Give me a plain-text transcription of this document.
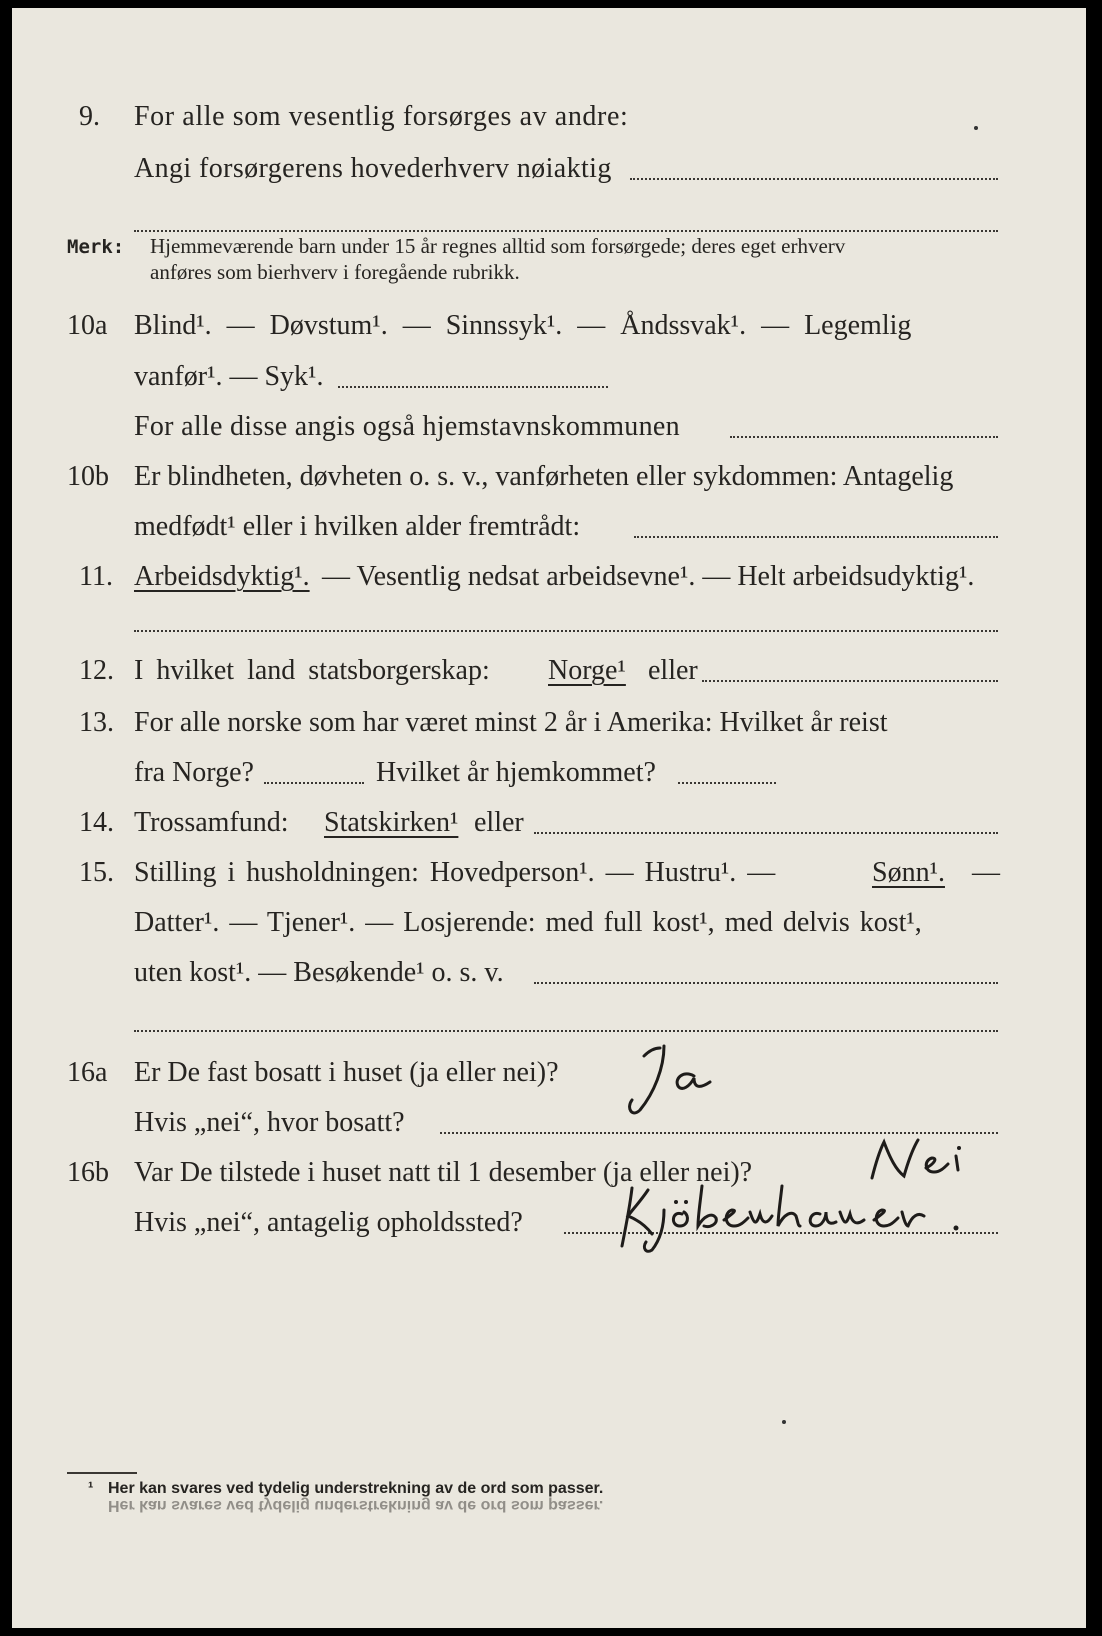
9. For alle som vesentlig forsørges av andre:
Angi forsørgerens hovederhverv nøiaktig
Merk: Hjemmeværende barn under 15 år regnes alltid som forsørgede; deres eget erhverv
anføres som bierhverv i foregående rubrikk.
10a Blind¹. — Døvstum¹. — Sinnssyk¹. — Åndssvak¹. — Legemlig
vanfør¹. — Syk¹.
For alle disse angis også hjemstavnskommunen
10b Er blindheten, døvheten o. s. v., vanførheten eller sykdommen: Antagelig
medfødt¹ eller i hvilken alder fremtrådt:
11. Arbeidsdyktig¹. — Vesentlig nedsat arbeidsevne¹. — Helt arbeidsudyktig¹.
12. I hvilket land statsborgerskap: Norge¹ eller
13. For alle norske som har været minst 2 år i Amerika: Hvilket år reist
fra Norge?	Hvilket år hjemkommet?
14. Trossamfund: Statskirken¹ eller
15. Stilling i husholdningen: Hovedperson¹. — Hustru¹. —	Sønn¹. —
Datter¹. — Tjener¹. — Losjerende: med full kost¹, med delvis kost¹,
uten kost¹. — Besøkende¹ o. s. v.
16a Er De fast bosatt i huset (ja eller nei)?
Hvis „nei“, hvor bosatt?
16b Var De tilstede i huset natt til 1 desember (ja eller nei)?
Hvis „nei“, antagelig opholdssted?
¹ Her kan svares ved tydelig understrekning av de ord som passer.
Her kan svares ved tydelig understrekning av de ord som passer.
